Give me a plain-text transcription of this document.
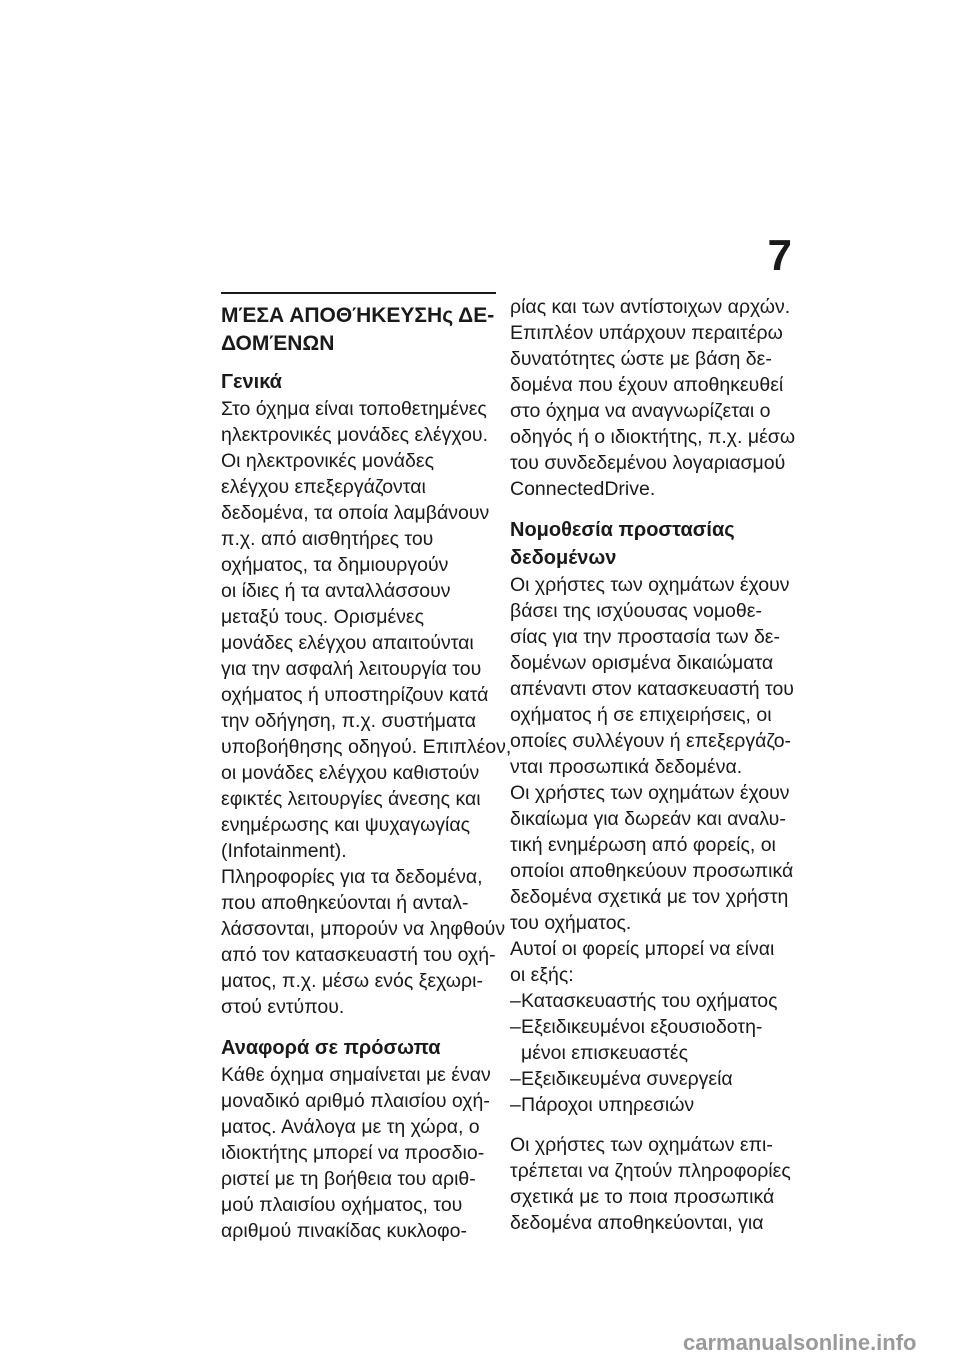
7
ΜΈΣΑ ΑΠΟΘΉΚΕΥΣΗς ΔΕ-
ΔΟΜΈΝΩΝ
Γενικά
Στο όχημα είναι τοποθετημένες
ηλεκτρονικές μονάδες ελέγχου.
Οι ηλεκτρονικές μονάδες
ελέγχου επεξεργάζονται
δεδομένα, τα οποία λαμβάνουν
π.χ. από αισθητήρες του
οχήματος, τα δημιουργούν
οι ίδιες ή τα ανταλλάσσουν
μεταξύ τους. Ορισμένες
μονάδες ελέγχου απαιτούνται
για την ασφαλή λειτουργία του
οχήματος ή υποστηρίζουν κατά
την οδήγηση, π.χ. συστήματα
υποβοήθησης οδηγού. Επιπλέον,
οι μονάδες ελέγχου καθιστούν
εφικτές λειτουργίες άνεσης και
ενημέρωσης και ψυχαγωγίας
(Infotainment).
Πληροφορίες για τα δεδομένα,
που αποθηκεύονται ή ανταλ-
λάσσονται, μπορούν να ληφθούν
από τον κατασκευαστή του οχή-
ματος, π.χ. μέσω ενός ξεχωρι-
στού εντύπου.
Αναφορά σε πρόσωπα
Κάθε όχημα σημαίνεται με έναν
μοναδικό αριθμό πλαισίου οχή-
ματος. Ανάλογα με τη χώρα, ο
ιδιοκτήτης μπορεί να προσδιο-
ριστεί με τη βοήθεια του αριθ-
μού πλαισίου οχήματος, του
αριθμού πινακίδας κυκλοφο-
ρίας και των αντίστοιχων αρχών.
Επιπλέον υπάρχουν περαιτέρω
δυνατότητες ώστε με βάση δε-
δομένα που έχουν αποθηκευθεί
στο όχημα να αναγνωρίζεται ο
οδηγός ή ο ιδιοκτήτης, π.χ. μέσω
του συνδεδεμένου λογαριασμού
ConnectedDrive.
Νομοθεσία προστασίας
δεδομένων
Οι χρήστες των οχημάτων έχουν
βάσει της ισχύουσας νομοθε-
σίας για την προστασία των δε-
δομένων ορισμένα δικαιώματα
απέναντι στον κατασκευαστή του
οχήματος ή σε επιχειρήσεις, οι
οποίες συλλέγουν ή επεξεργάζο-
νται προσωπικά δεδομένα.
Οι χρήστες των οχημάτων έχουν
δικαίωμα για δωρεάν και αναλυ-
τική ενημέρωση από φορείς, οι
οποίοι αποθηκεύουν προσωπικά
δεδομένα σχετικά με τον χρήστη
του οχήματος.
Αυτοί οι φορείς μπορεί να είναι
οι εξής:
– Κατασκευαστής του οχήματος
– Εξειδικευμένοι εξουσιοδοτη-
μένοι επισκευαστές
– Εξειδικευμένα συνεργεία
– Πάροχοι υπηρεσιών
Οι χρήστες των οχημάτων επι-
τρέπεται να ζητούν πληροφορίες
σχετικά με το ποια προσωπικά
δεδομένα αποθηκεύονται, για
carmanualsonline.info
